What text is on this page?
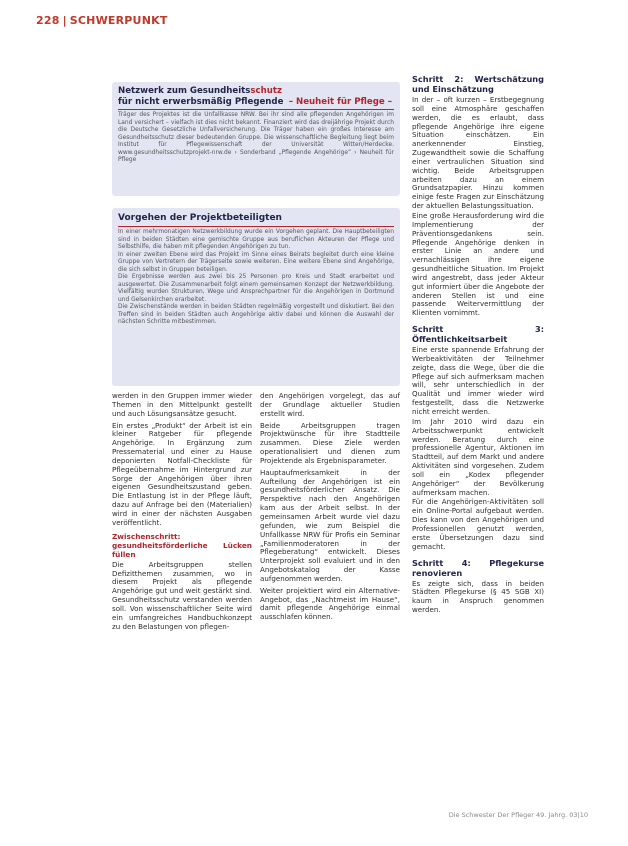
228 | SCHWERPUNKT
Netzwerk zum Gesundheitsschutz
für nicht erwerbsmäßig Pflegende – Neuheit für Pflege –
Träger des Projektes ist die Unfallkasse NRW. Bei ihr sind alle pflegenden Angehörigen im Land versichert – vielfach ist dies nicht bekannt. Finanziert wird das dreijährige Projekt durch die Deutsche Gesetzliche Unfallversicherung. Die Träger haben ein großes Interesse am Gesundheitsschutz dieser bedeutenden Gruppe. Die wissenschaftliche Begleitung liegt beim Institut für Pflegewissenschaft der Universität Witten/Herdecke. www.gesundheitsschutzprojekt-nrw.de › Sonderband „Pflegende Angehörige“ › Neuheit für Pflege
Vorgehen der Projektbeteiligten
In einer mehrmonatigen Netzwerkbildung wurde ein Vorgehen geplant. Die Hauptbeteiligten sind in beiden Städten eine gemischte Gruppe aus beruflichen Akteuren der Pflege und Selbsthilfe, die haben mit pflegenden Angehörigen zu tun.
In einer zweiten Ebene wird das Projekt im Sinne eines Beirats begleitet durch eine kleine Gruppe von Vertretern der Trägerseite sowie weiteren. Eine weitere Ebene sind Angehörige, die sich selbst in Gruppen beteiligen.
Die Ergebnisse werden aus zwei bis 25 Personen pro Kreis und Stadt erarbeitet und ausgewertet. Die Zusammenarbeit folgt einem gemeinsamen Konzept der Netzwerkbildung. Vielfältig wurden Strukturen, Wege und Ansprechpartner für die Angehörigen in Dortmund und Gelsenkirchen erarbeitet.
Die Zwischenstände werden in beiden Städten regelmäßig vorgestellt und diskutiert. Bei den Treffen sind in beiden Städten auch Angehörige aktiv dabei und können die Auswahl der nächsten Schritte mitbestimmen.

werden in den Gruppen immer wieder Themen in den Mittelpunkt gestellt und auch Lösungsansätze gesucht.

Ein erstes „Produkt“ der Arbeit ist ein kleiner Ratgeber für pflegende Angehörige. In Ergänzung zum Pressematerial und einer zu Hause deponierten Notfall-Checkliste für Pflegeübernahme im Hintergrund zur Sorge der Angehörigen über ihren eigenen Gesundheitszustand geben. Die Entlastung ist in der Pflege läuft, dazu auf Anfrage bei den (Materialien) wird in einer der nächsten Ausgaben veröffentlicht.

Zwischenschritt: gesundheitsförderliche Lücken füllen

Die Arbeitsgruppen stellen Defizitthemen zusammen, wo in diesem Projekt als pflegende Angehörige gut und weit gestärkt sind. Gesundheitsschutz verstanden werden soll. Von wissenschaftlicher Seite wird ein umfangreiches Handbuchkonzept zu den Belastungen von pflegen-

den Angehörigen vorgelegt, das auf der Grundlage aktueller Studien erstellt wird.

Beide Arbeitsgruppen tragen Projektwünsche für ihre Stadtteile zusammen. Diese Ziele werden operationalisiert und dienen zum Projektende als Ergebnisparameter.

Hauptaufmerksamkeit in der Aufteilung der Angehörigen ist ein gesundheitsförderlicher Ansatz. Die Perspektive nach den Angehörigen kam aus der Arbeit selbst. In der gemeinsamen Arbeit wurde viel dazu gefunden, wie zum Beispiel die Unfallkasse NRW für Profis ein Seminar „Familienmoderatoren in der Pflegeberatung“ entwickelt. Dieses Unterprojekt soll evaluiert und in den Angebotskatalog der Kasse aufgenommen werden.

Weiter projektiert wird ein Alternative-Angebot, das „Nachtmeist im Hause“, damit pflegende Angehörige einmal ausschlafen können.

Schritt 2: Wertschätzung und Einschätzung

In der – oft kurzen – Erstbegegnung soll eine Atmosphäre geschaffen werden, die es erlaubt, dass pflegende Angehörige ihre eigene Situation einschätzen. Ein anerkennender Einstieg, Zugewandtheit sowie die Schaffung einer vertraulichen Situation sind wichtig. Beide Arbeitsgruppen arbeiten dazu an einem Grundsatzpapier. Hinzu kommen einige feste Fragen zur Einschätzung der aktuellen Belastungssituation.

Eine große Herausforderung wird die Implementierung der Präventionsgedankens sein. Pflegende Angehörige denken in erster Linie an andere und vernachlässigen ihre eigene gesundheitliche Situation. Im Projekt wird angestrebt, dass jeder Akteur gut informiert über die Angebote der anderen Stellen ist und eine passende Weitervermittlung der Klienten vornimmt.

Schritt 3: Öffentlichkeitsarbeit

Eine erste spannende Erfahrung der Werbeaktivitäten der Teilnehmer zeigte, dass die Wege, über die die Pflege auf sich aufmerksam machen will, sehr unterschiedlich in der Qualität und immer wieder wird festgestellt, dass die Netzwerke nicht erreicht werden.

Im Jahr 2010 wird dazu ein Arbeitsschwerpunkt entwickelt werden. Beratung durch eine professionelle Agentur, Aktionen im Stadtteil, auf dem Markt und andere Aktivitäten sind vorgesehen. Zudem soll ein „Kodex pflegender Angehöriger“ der Bevölkerung aufmerksam machen.

Für die Angehörigen-Aktivitäten soll ein Online-Portal aufgebaut werden. Dies kann von den Angehörigen und Professionellen genutzt werden, erste Übersetzungen dazu sind gemacht.

Schritt 4: Pflegekurse renovieren

Es zeigte sich, dass in beiden Städten Pflegekurse (§ 45 SGB XI) kaum in Anspruch genommen werden.

Die Schwester Der Pfleger 49. Jahrg. 03|10
